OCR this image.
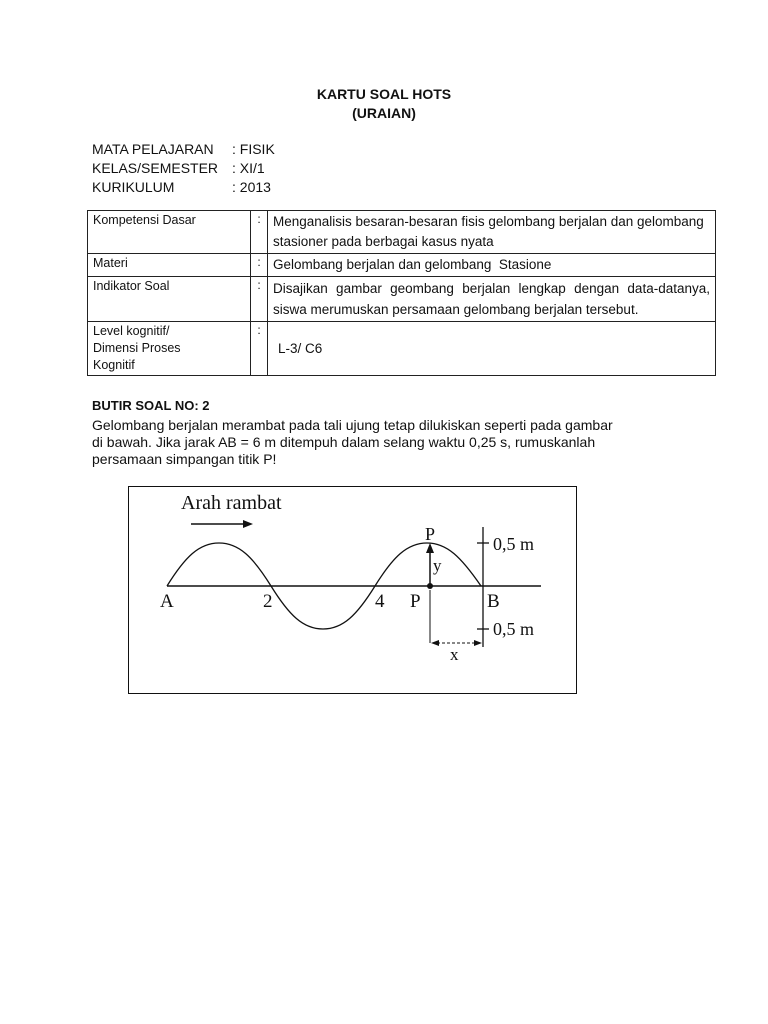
KARTU SOAL HOTS
(URAIAN)
MATA PELAJARAN	: FISIK
KELAS/SEMESTER : XI/1
KURIKULUM	: 2013
Kompetensi Dasar	:	Menganalisis besaran-besaran fisis gelombang berjalan dan gelombang stasioner pada berbagai kasus nyata
Materi	:	Gelombang berjalan dan gelombang  Stasione
Indikator Soal	:	Disajikan gambar geombang berjalan lengkap dengan data-datanya, siswa merumuskan persamaan gelombang berjalan tersebut.

Level kognitif/
Dimensi Proses
Kognitif	:	L-3/ C6
BUTIR SOAL NO: 2
Gelombang berjalan merambat pada tali ujung tetap dilukiskan seperti pada gambar
di bawah. Jika jarak AB = 6 m ditempuh dalam selang waktu 0,25 s, rumuskanlah
persamaan simpangan titik P!
Arah rambat
0,5 m
0,5 m
P
y
x
A	2	4 P	B
